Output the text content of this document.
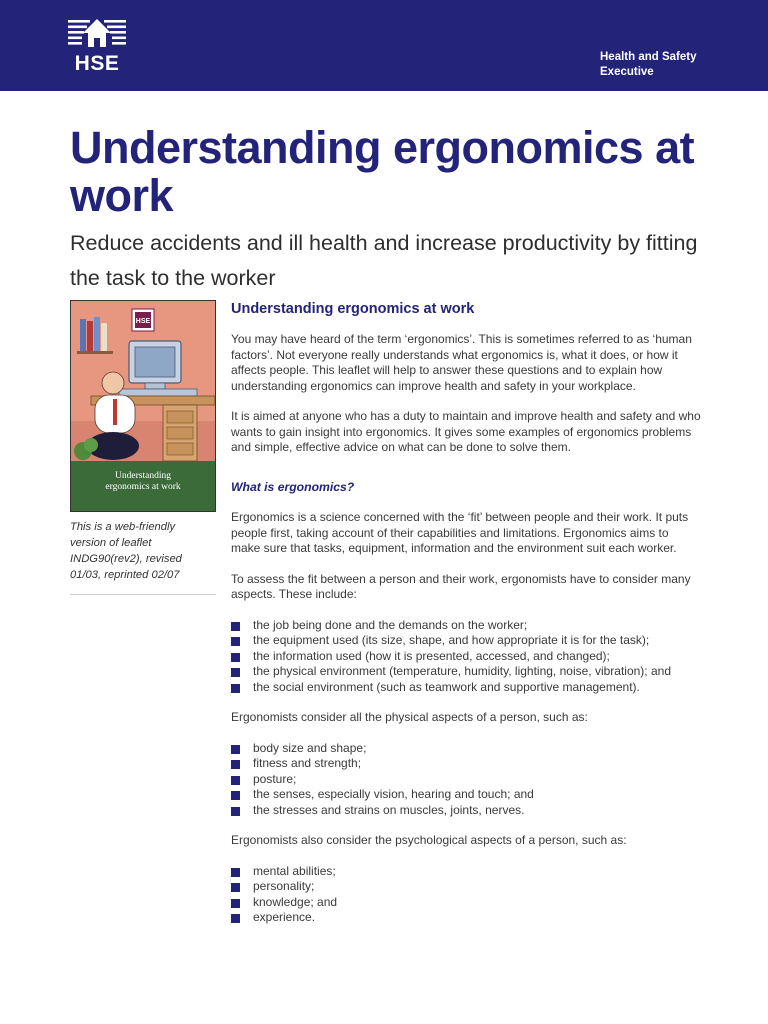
HSE	Health and Safety
Executive
Understanding ergonomics at work
Reduce accidents and ill health and increase productivity by fitting the task to the worker
HSE
Understanding
ergonomics at work
This is a web-friendly
version of leaflet
INDG90(rev2), revised
01/03, reprinted 02/07
Understanding ergonomics at work

You may have heard of the term ‘ergonomics’. This is sometimes referred to as ‘human factors’. Not everyone really understands what ergonomics is, what it does, or how it affects people. This leaflet will help to answer these questions and to explain how understanding ergonomics can improve health and safety in your workplace.

It is aimed at anyone who has a duty to maintain and improve health and safety and who wants to gain insight into ergonomics. It gives some examples of ergonomics problems and simple, effective advice on what can be done to solve them.

What is ergonomics?

Ergonomics is a science concerned with the ‘fit’ between people and their work. It puts people first, taking account of their capabilities and limitations. Ergonomics aims to make sure that tasks, equipment, information and the environment suit each worker.

To assess the fit between a person and their work, ergonomists have to consider many aspects. These include:

the job being done and the demands on the worker;
the equipment used (its size, shape, and how appropriate it is for the task);
the information used (how it is presented, accessed, and changed);
the physical environment (temperature, humidity, lighting, noise, vibration); and
the social environment (such as teamwork and supportive management).

Ergonomists consider all the physical aspects of a person, such as:

body size and shape;
fitness and strength;
posture;
the senses, especially vision, hearing and touch; and
the stresses and strains on muscles, joints, nerves.

Ergonomists also consider the psychological aspects of a person, such as:

mental abilities;
personality;
knowledge; and
experience.
